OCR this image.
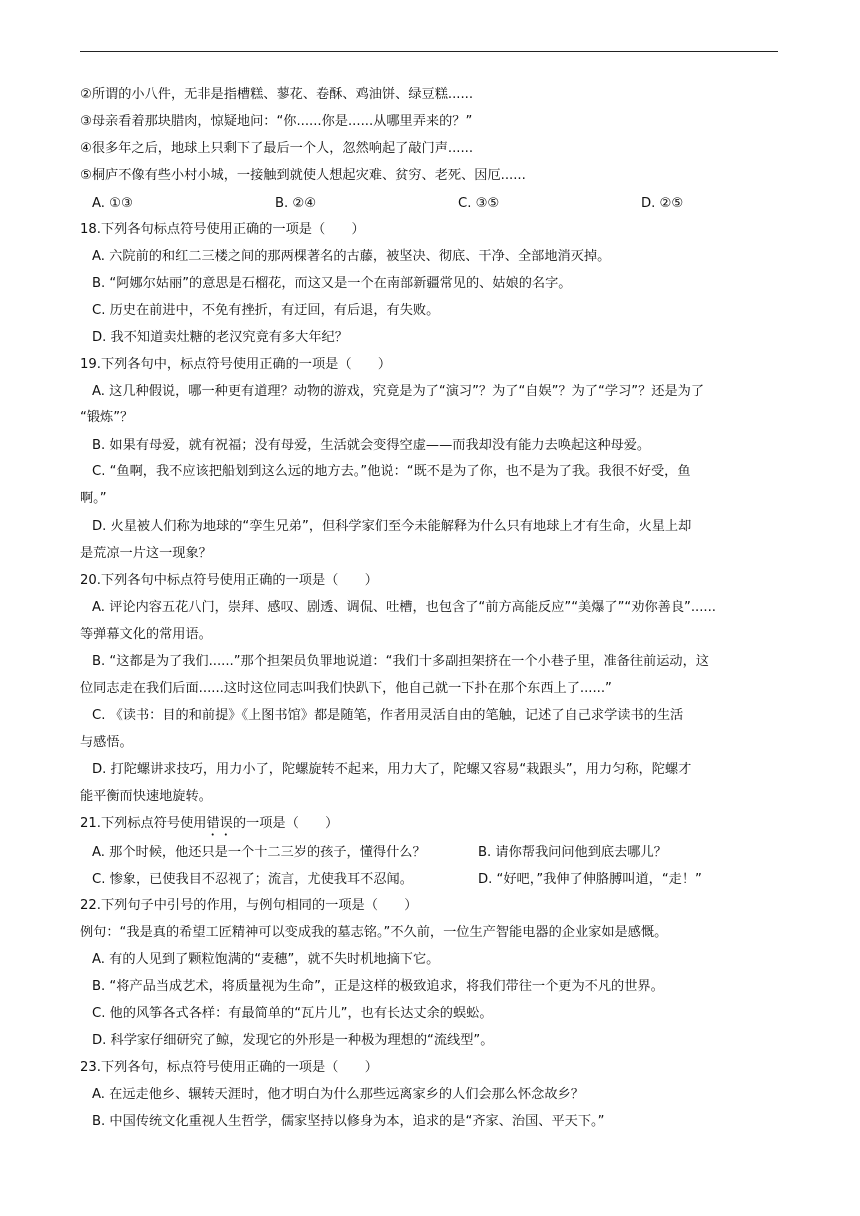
②所谓的小八件，无非是指槽糕、蓼花、卷酥、鸡油饼、绿豆糕......
③母亲看着那块腊肉，惊疑地问：“你......你是......从哪里弄来的？”
④很多年之后，地球上只剩下了最后一个人，忽然响起了敲门声......
⑤桐庐不像有些小村小城，一接触到就使人想起灾难、贫穷、老死、因厄......
A. ①③	B. ②④	C. ③⑤	D. ②⑤
18.下列各句标点符号使用正确的一项是（　　）
A. 六院前的和红二三楼之间的那两棵著名的古藤，被坚决、彻底、干净、全部地消灭掉。
B. “阿娜尔姑丽”的意思是石榴花，而这又是一个在南部新疆常见的、姑娘的名字。
C. 历史在前进中，不免有挫折，有迂回，有后退，有失败。
D. 我不知道卖灶糖的老汉究竟有多大年纪？
19.下列各句中，标点符号使用正确的一项是（　　）
A. 这几种假说，哪一种更有道理？动物的游戏，究竟是为了“演习”？为了“自娱”？为了“学习”？还是为了
“锻炼”？
B. 如果有母爱，就有祝福；没有母爱，生活就会变得空虚——而我却没有能力去唤起这种母爱。
C. “鱼啊，我不应该把船划到这么远的地方去。”他说：“既不是为了你，也不是为了我。我很不好受，鱼
啊。”
D. 火星被人们称为地球的“孪生兄弟”，但科学家们至今未能解释为什么只有地球上才有生命，火星上却
是荒凉一片这一现象？
20.下列各句中标点符号使用正确的一项是（　　）
A. 评论内容五花八门，崇拜、感叹、剧透、调侃、吐槽，也包含了“前方高能反应”“美爆了”“劝你善良”......
等弹幕文化的常用语。
B. “这都是为了我们......”那个担架员负罪地说道：“我们十多副担架挤在一个小巷子里，准备往前运动，这
位同志走在我们后面......这时这位同志叫我们快趴下，他自己就一下扑在那个东西上了......”
C. 《读书：目的和前提》《上图书馆》都是随笔，作者用灵活自由的笔触，记述了自己求学读书的生活
与感悟。
D. 打陀螺讲求技巧，用力小了，陀螺旋转不起来，用力大了，陀螺又容易“栽跟头”，用力匀称，陀螺才
能平衡而快速地旋转。
21.下列标点符号使用错误的一项是（　　）
A. 那个时候，他还只是一个十二三岁的孩子，懂得什么？	B. 请你帮我问问他到底去哪儿？
C. 惨象，已使我目不忍视了；流言，尤使我耳不忍闻。	D. “好吧，”我伸了伸胳膊叫道，“走！”
22.下列句子中引号的作用，与例句相同的一项是（　　）
例句：“我是真的希望工匠精神可以变成我的墓志铭。”不久前，一位生产智能电器的企业家如是感慨。
A. 有的人见到了颗粒饱满的“麦穗”，就不失时机地摘下它。
B. “将产品当成艺术，将质量视为生命”，正是这样的极致追求，将我们带往一个更为不凡的世界。
C. 他的风筝各式各样：有最简单的“瓦片儿”，也有长达丈余的蜈蚣。
D. 科学家仔细研究了鲸，发现它的外形是一种极为理想的“流线型”。
23.下列各句，标点符号使用正确的一项是（　　）
A. 在远走他乡、辗转天涯时，他才明白为什么那些远离家乡的人们会那么怀念故乡？
B. 中国传统文化重视人生哲学，儒家坚持以修身为本，追求的是“齐家、治国、平天下。”
